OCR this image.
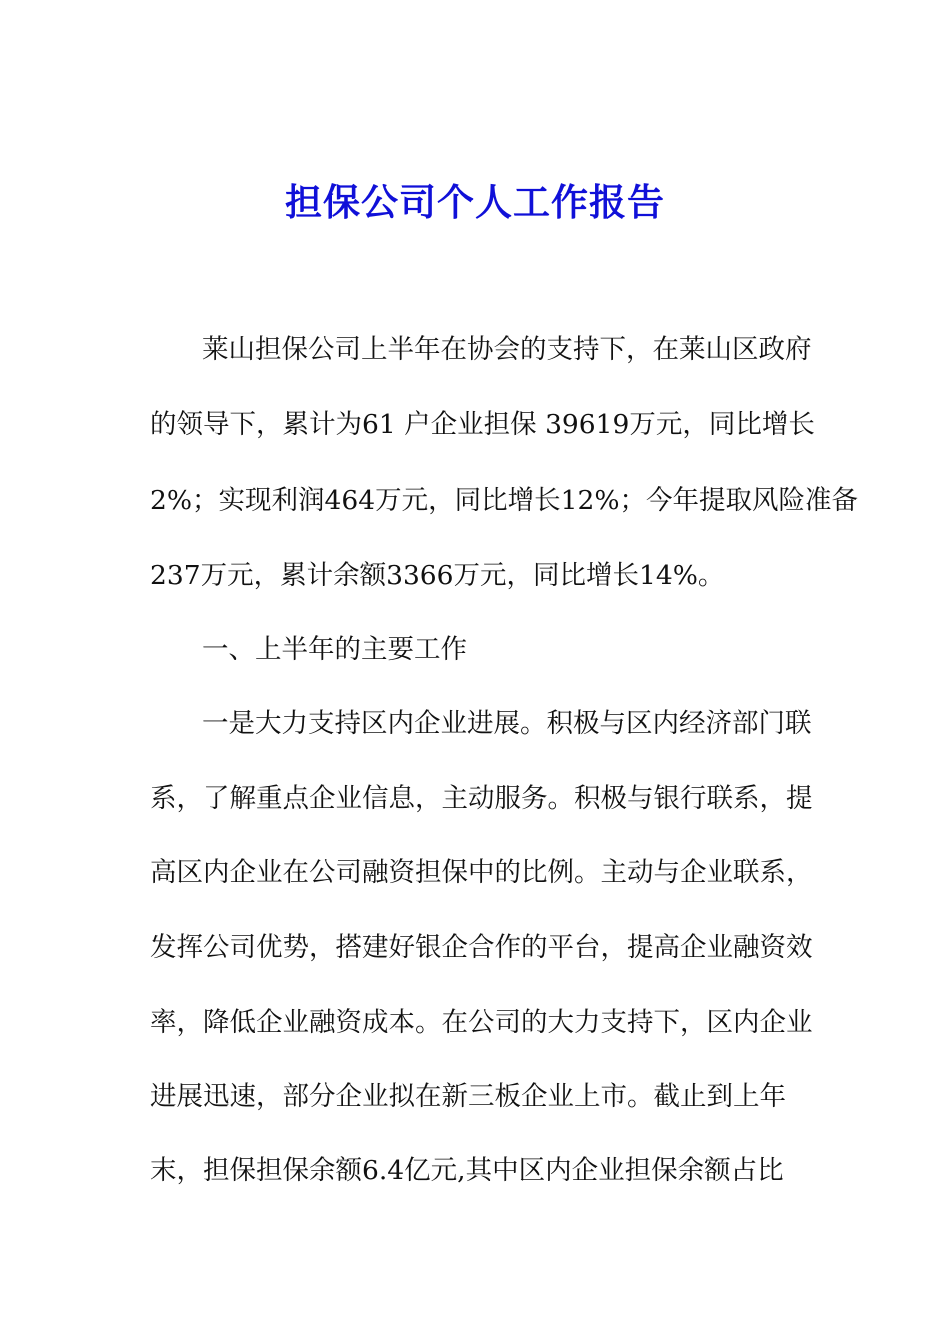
担保公司个人工作报告
莱山担保公司上半年在协会的支持下，在莱山区政府
的领导下，累计为61 户企业担保 39619万元，同比增长
2%；实现利润464万元，同比增长12%；今年提取风险准备
237万元，累计余额3366万元，同比增长14%。
一、上半年的主要工作
一是大力支持区内企业进展。积极与区内经济部门联
系，了解重点企业信息，主动服务。积极与银行联系，提
高区内企业在公司融资担保中的比例。主动与企业联系，
发挥公司优势，搭建好银企合作的平台，提高企业融资效
率，降低企业融资成本。在公司的大力支持下，区内企业
进展迅速，部分企业拟在新三板企业上市。截止到上年
末，担保担保余额6.4亿元,其中区内企业担保余额占比
